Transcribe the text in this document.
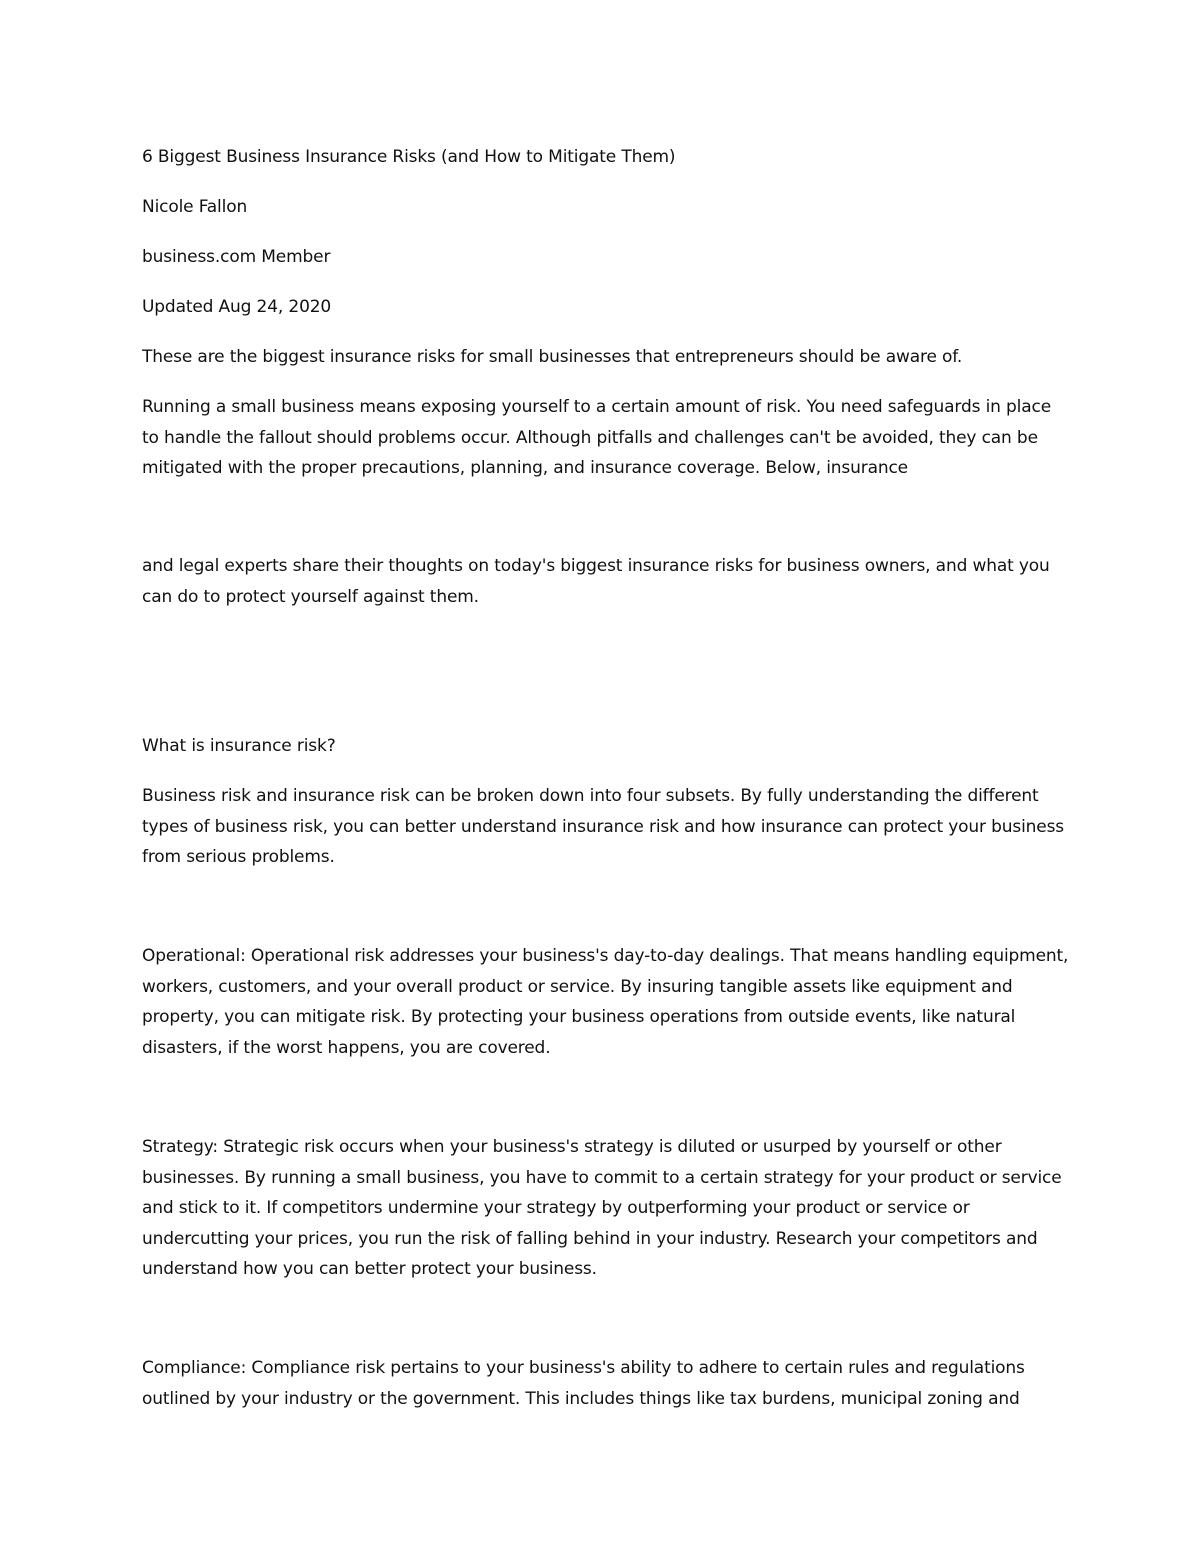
6 Biggest Business Insurance Risks (and How to Mitigate Them)
Nicole Fallon
business.com Member
Updated Aug 24, 2020
These are the biggest insurance risks for small businesses that entrepreneurs should be aware of.
Running a small business means exposing yourself to a certain amount of risk. You need safeguards in place to handle the fallout should problems occur. Although pitfalls and challenges can't be avoided, they can be mitigated with the proper precautions, planning, and insurance coverage. Below, insurance
and legal experts share their thoughts on today's biggest insurance risks for business owners, and what you can do to protect yourself against them.
What is insurance risk?
Business risk and insurance risk can be broken down into four subsets. By fully understanding the different types of business risk, you can better understand insurance risk and how insurance can protect your business from serious problems.
Operational: Operational risk addresses your business's day-to-day dealings. That means handling equipment, workers, customers, and your overall product or service. By insuring tangible assets like equipment and property, you can mitigate risk. By protecting your business operations from outside events, like natural disasters, if the worst happens, you are covered.
Strategy: Strategic risk occurs when your business's strategy is diluted or usurped by yourself or other businesses. By running a small business, you have to commit to a certain strategy for your product or service and stick to it. If competitors undermine your strategy by outperforming your product or service or undercutting your prices, you run the risk of falling behind in your industry. Research your competitors and understand how you can better protect your business.
Compliance: Compliance risk pertains to your business's ability to adhere to certain rules and regulations outlined by your industry or the government. This includes things like tax burdens, municipal zoning and
